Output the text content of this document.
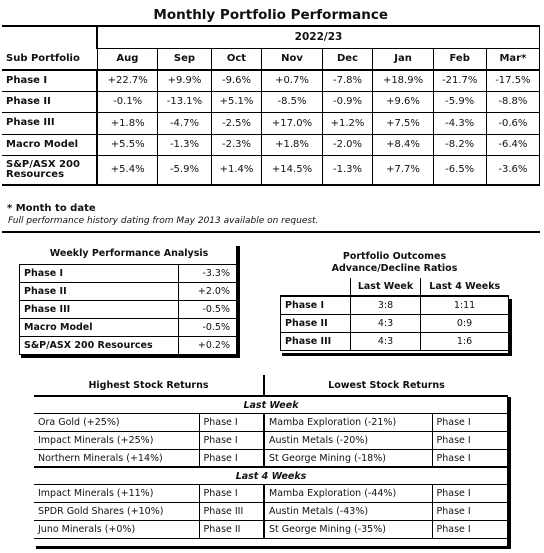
Monthly Portfolio Performance								
	2022/23							
Sub Portfolio	Aug	Sep	Oct	Nov	Dec	Jan	Feb	Mar*
Phase I	+22.7%	+9.9%	-9.6%	+0.7%	-7.8%	+18.9%	-21.7%	-17.5%
Phase II	-0.1%	-13.1%	+5.1%	-8.5%	-0.9%	+9.6%	-5.9%	-8.8%
Phase III	+1.8%	-4.7%	-2.5%	+17.0%	+1.2%	+7.5%	-4.3%	-0.6%
Macro Model	+5.5%	-1.3%	-2.3%	+1.8%	-2.0%	+8.4%	-8.2%	-6.4%
S&P/ASX 200
Resources	+5.4%	-5.9%	+1.4%	+14.5%	-1.3%	+7.7%	-6.5%	-3.6%
* Month to date
Full performance history dating from May 2013 available on request.
Weekly Performance Analysis	
Phase I	-3.3%
Phase II	+2.0%
Phase III	-0.5%
Macro Model	-0.5%
S&P/ASX 200 Resources	+0.2%
Portfolio Outcomes
Advance/Decline Ratios		
	Last Week	Last 4 Weeks
Phase I	3:8	1:11
Phase II	4:3	0:9
Phase III	4:3	1:6
Highest Stock Returns		Lowest Stock Returns	
Last Week			
Ora Gold (+25%)	Phase I	Mamba Exploration (-21%)	Phase I
Impact Minerals (+25%)	Phase I	Austin Metals (-20%)	Phase I
Northern Minerals (+14%)	Phase I	St George Mining (-18%)	Phase I
Last 4 Weeks			
Impact Minerals (+11%)	Phase I	Mamba Exploration (-44%)	Phase I
SPDR Gold Shares (+10%)	Phase III	Austin Metals (-43%)	Phase I
Juno Minerals (+0%)	Phase II	St George Mining (-35%)	Phase I
